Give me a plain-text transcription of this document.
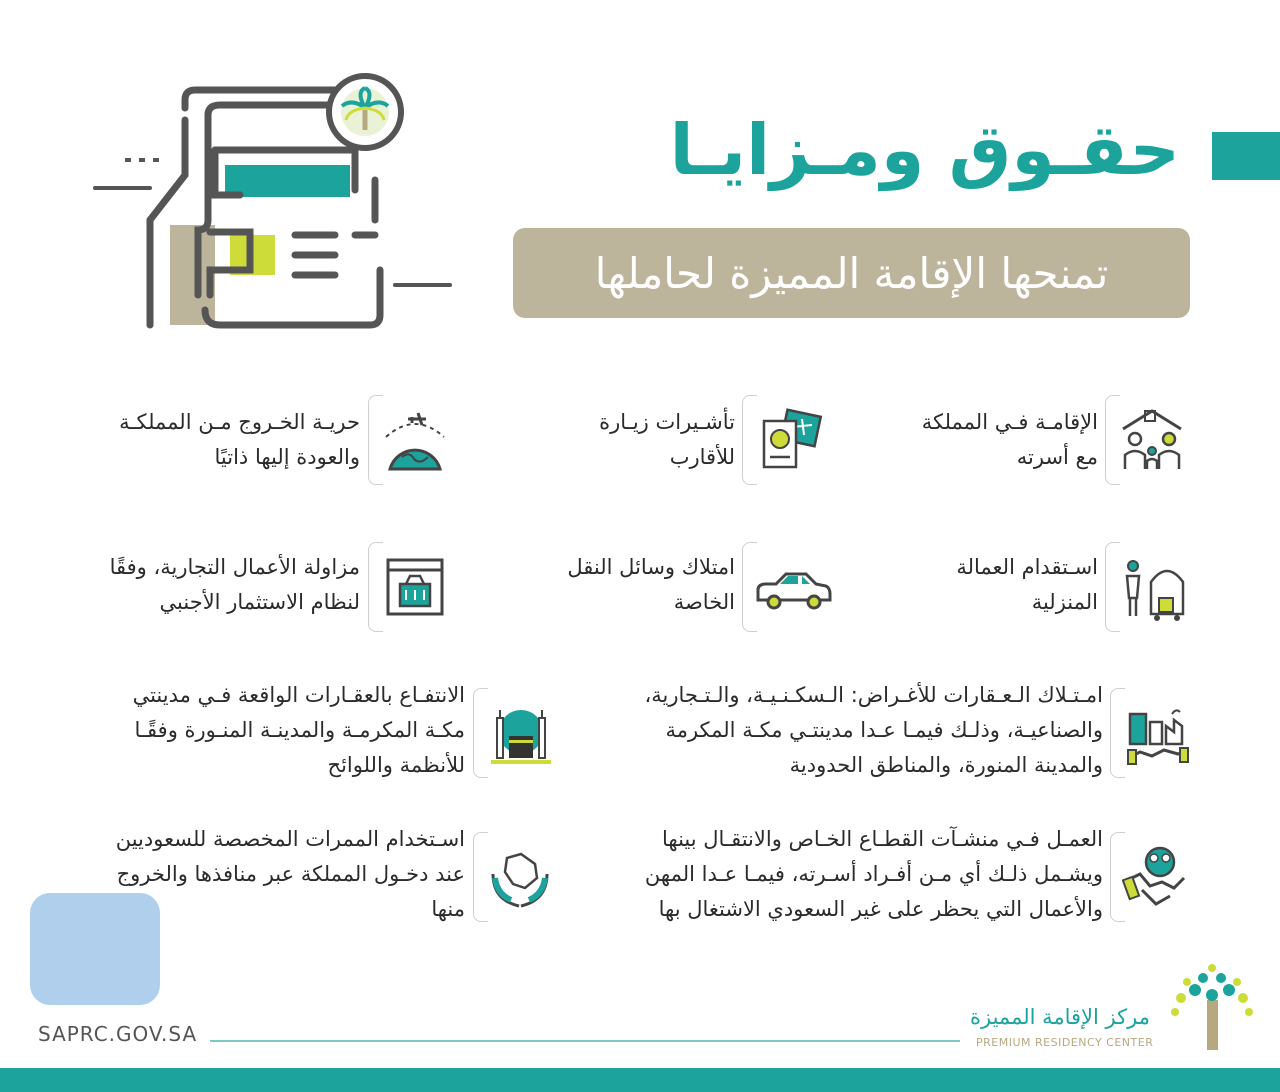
حقـوق ومـزايـا
تمنحها الإقامة المميزة لحاملها
الإقامـة فـي المملكة
مع أسرته
تأشـيرات زيـارة
للأقارب
حريـة الخـروج مـن المملكـة
والعودة إليها ذاتيًا
اسـتقدام العمالة
المنزلية
امتلاك وسائل النقل
الخاصة
مزاولة الأعمال التجارية، وفقًا
لنظام الاستثمار الأجنبي
امـتـلاك الـعـقارات للأغـراض: الـسكـنـيـة، والـتـجارية،
والصناعيـة، وذلـك فيمـا عـدا مدينتـي مكـة المكرمة
والمدينة المنورة، والمناطق الحدودية
الانتفـاع بالعقـارات الواقعة فـي مدينتي
مكـة المكرمـة والمدينـة المنـورة وفقًـا
للأنظمة واللوائح
العمـل فـي منشـآت القطـاع الخـاص والانتقـال بينها
ويشـمل ذلـك أي مـن أفـراد أسـرته، فيمـا عـدا المهن
والأعمال التي يحظر على غير السعودي الاشتغال بها
اسـتخدام الممرات المخصصة للسعوديين
عند دخـول المملكة عبر منافذها والخروج
منها
SAPRC.GOV.SA
مركز الإقامة المميزة
PREMIUM RESIDENCY CENTER
